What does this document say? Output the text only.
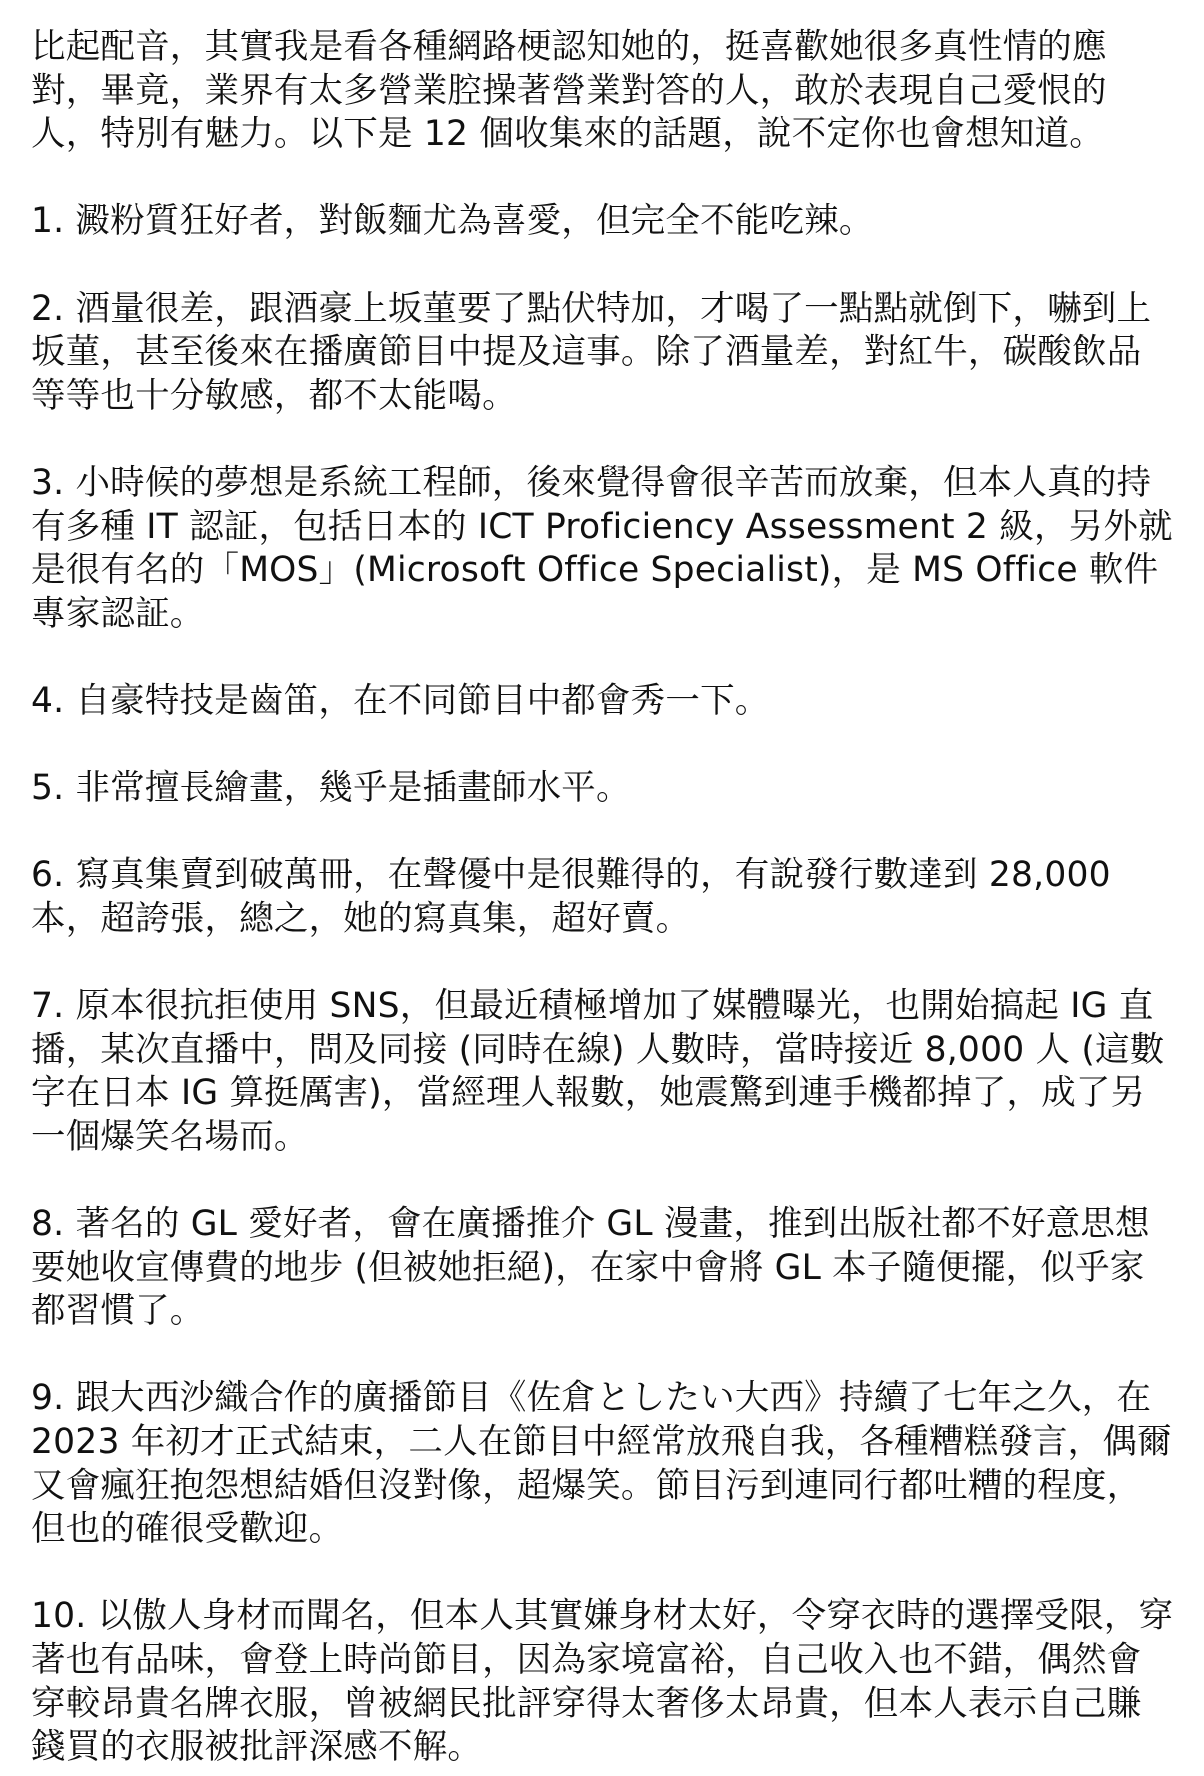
比起配音，其實我是看各種網路梗認知她的，挺喜歡她很多真性情的應對，畢竟，業界有太多營業腔操著營業對答的人，敢於表現自己愛恨的人，特別有魅力。以下是 12 個收集來的話題，說不定你也會想知道。

1. 澱粉質狂好者，對飯麵尤為喜愛，但完全不能吃辣。

2. 酒量很差，跟酒豪上坂菫要了點伏特加，才喝了一點點就倒下，嚇到上坂菫，甚至後來在播廣節目中提及這事。除了酒量差，對紅牛，碳酸飲品等等也十分敏感，都不太能喝。

3. 小時候的夢想是系統工程師，後來覺得會很辛苦而放棄，但本人真的持有多種 IT 認証，包括日本的 ICT Proficiency Assessment 2 級，另外就是很有名的「MOS」(Microsoft Office Specialist)，是 MS Office 軟件專家認証。

4. 自豪特技是齒笛，在不同節目中都會秀一下。

5. 非常擅長繪畫，幾乎是插畫師水平。

6. 寫真集賣到破萬冊，在聲優中是很難得的，有說發行數達到 28,000 本，超誇張，總之，她的寫真集，超好賣。

7. 原本很抗拒使用 SNS，但最近積極增加了媒體曝光，也開始搞起 IG 直播，某次直播中，問及同接 (同時在線) 人數時，當時接近 8,000 人 (這數字在日本 IG 算挺厲害)，當經理人報數，她震驚到連手機都掉了，成了另一個爆笑名場而。

8. 著名的 GL 愛好者，會在廣播推介 GL 漫畫，推到出版社都不好意思想要她收宣傳費的地步 (但被她拒絕)，在家中會將 GL 本子隨便擺，似乎家都習慣了。

9. 跟大西沙織合作的廣播節目《佐倉としたい大西》持續了七年之久，在 2023 年初才正式結束，二人在節目中經常放飛自我，各種糟糕發言，偶爾又會瘋狂抱怨想結婚但沒對像，超爆笑。節目污到連同行都吐糟的程度，但也的確很受歡迎。

10. 以傲人身材而聞名，但本人其實嫌身材太好，令穿衣時的選擇受限，穿著也有品味，會登上時尚節目，因為家境富裕，自己收入也不錯，偶然會穿較昂貴名牌衣服，曾被網民批評穿得太奢侈太昂貴，但本人表示自己賺錢買的衣服被批評深感不解。
